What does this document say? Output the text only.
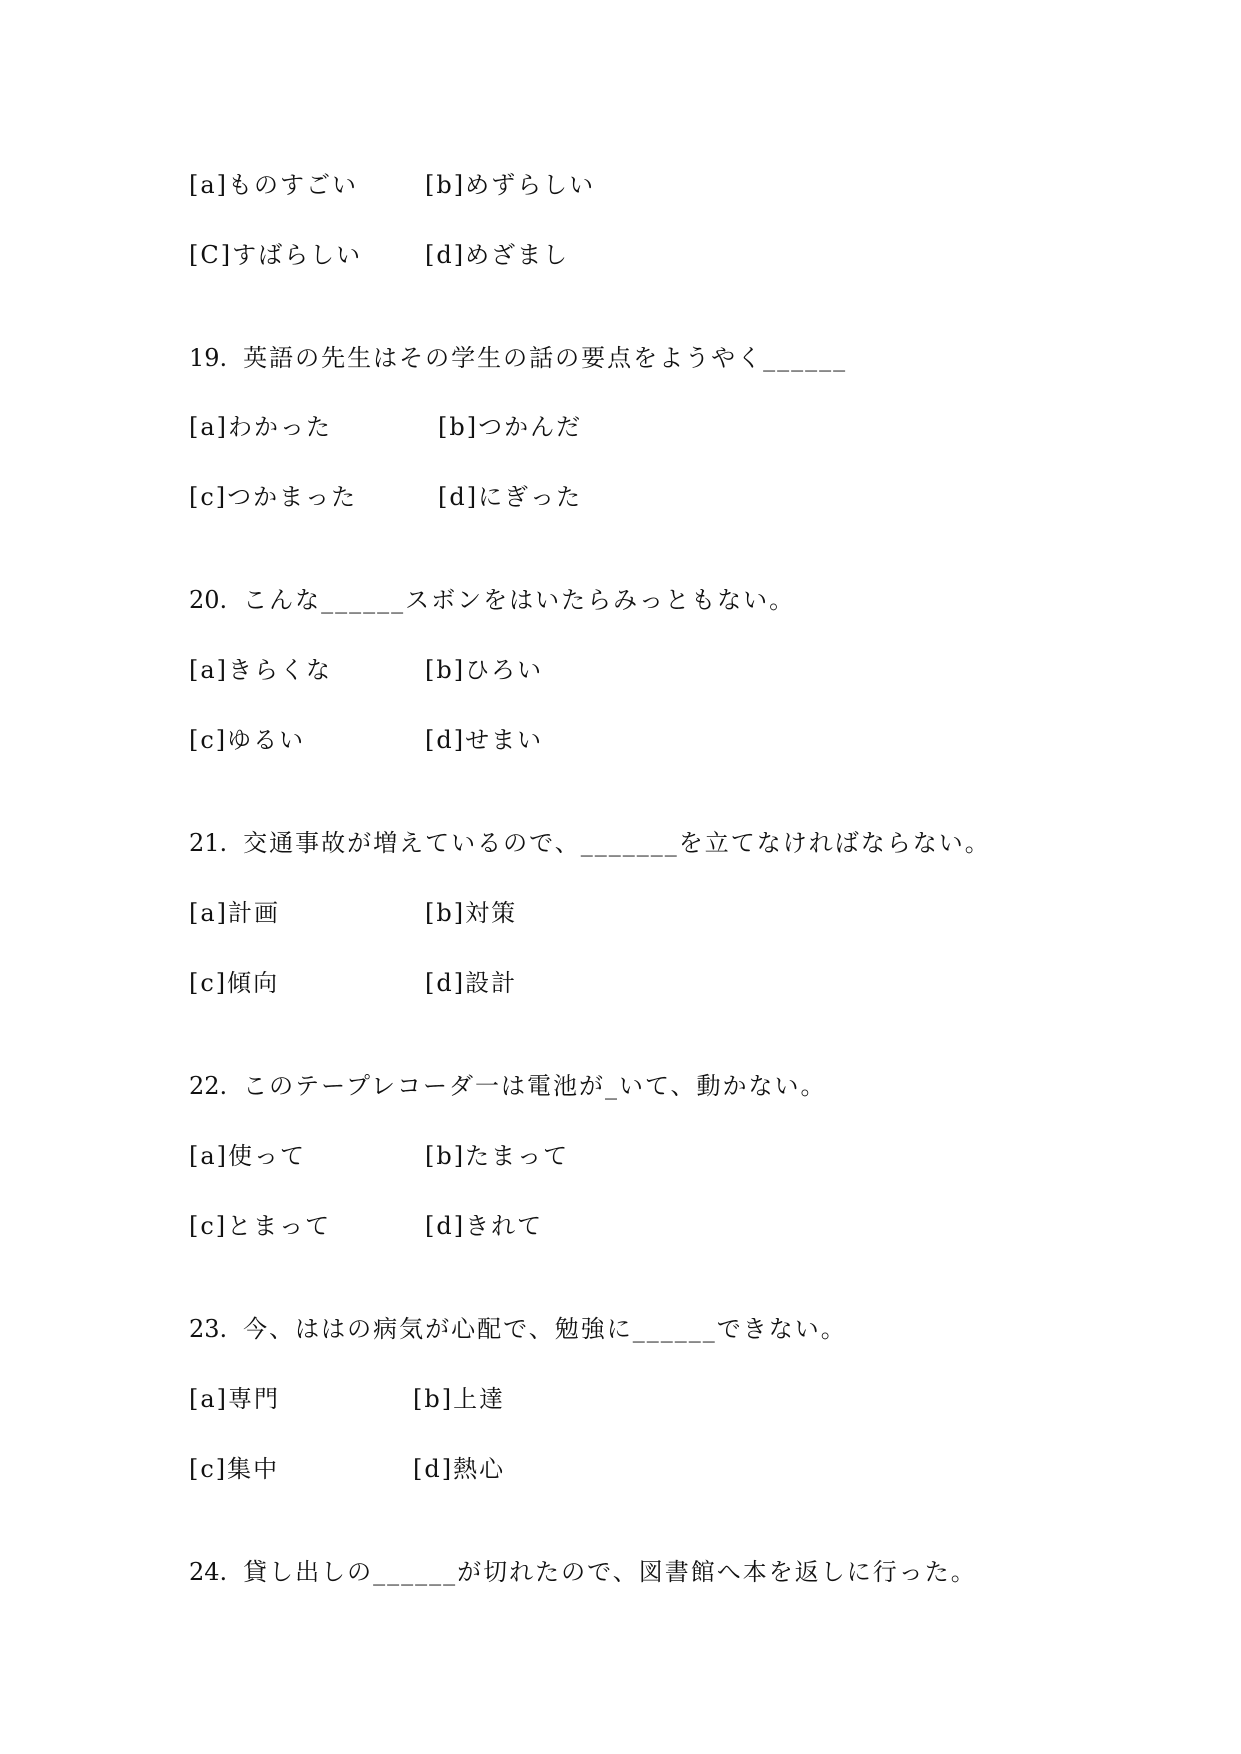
[a]ものすごい	[b]めずらしい
[C]すばらしい	[d]めざまし
19. 英語の先生はその学生の話の要点をようやく______
[a]わかった	[b]つかんだ
[c]つかまった	[d]にぎった
20. こんな______スボンをはいたらみっともない。
[a]きらくな	[b]ひろい
[c]ゆるい	[d]せまい
21. 交通事故が増えているので、_______を立てなければならない。
[a]計画	[b]対策
[c]傾向	[d]設計
22. このテープレコーダ一は電池が_いて、動かない。
[a]使って	[b]たまって
[c]とまって	[d]きれて
23. 今、ははの病気が心配で、勉強に______できない。
[a]専門	[b]上達
[c]集中	[d]熱心
24. 貸し出しの______が切れたので、図書館へ本を返しに行った。
